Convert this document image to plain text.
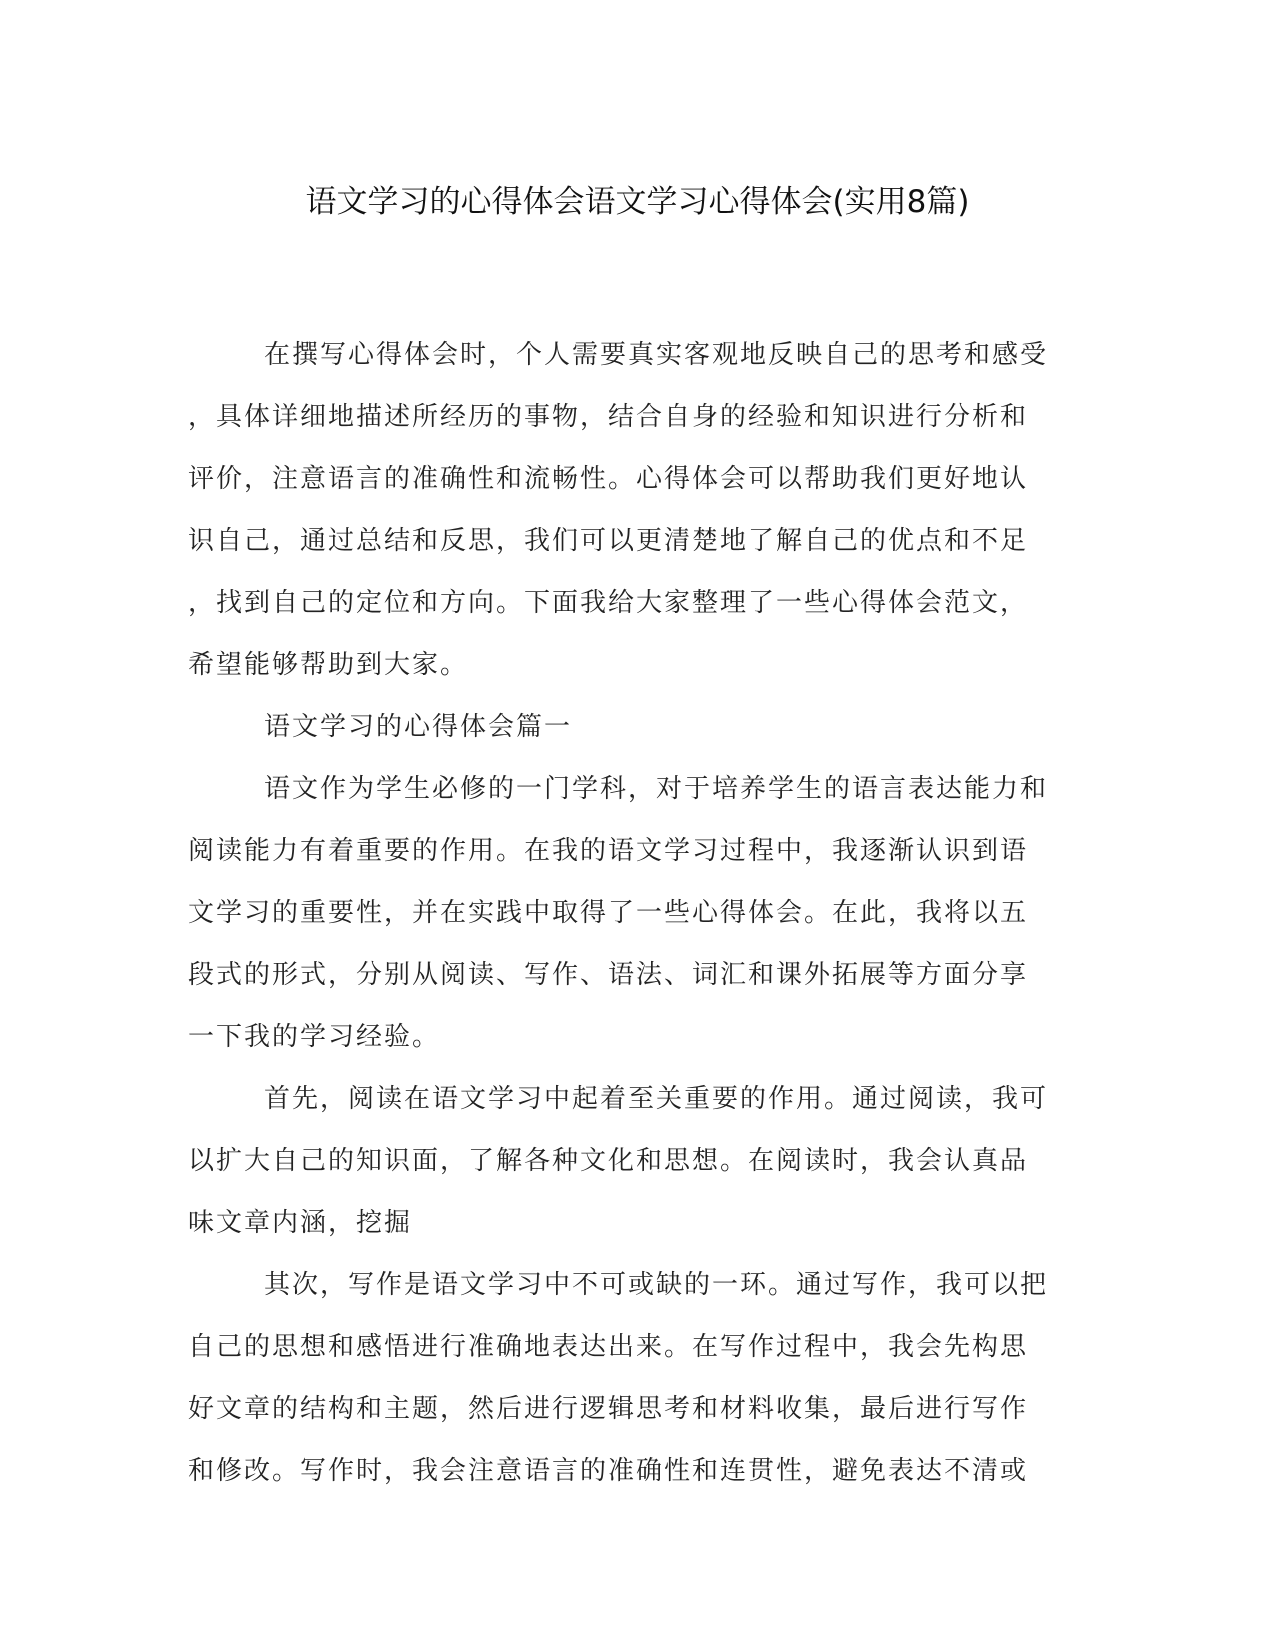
语文学习的心得体会语文学习心得体会(实用8篇)
在撰写心得体会时，个人需要真实客观地反映自己的思考和感受
，具体详细地描述所经历的事物，结合自身的经验和知识进行分析和
评价，注意语言的准确性和流畅性。心得体会可以帮助我们更好地认
识自己，通过总结和反思，我们可以更清楚地了解自己的优点和不足
，找到自己的定位和方向。下面我给大家整理了一些心得体会范文，
希望能够帮助到大家。
语文学习的心得体会篇一
语文作为学生必修的一门学科，对于培养学生的语言表达能力和
阅读能力有着重要的作用。在我的语文学习过程中，我逐渐认识到语
文学习的重要性，并在实践中取得了一些心得体会。在此，我将以五
段式的形式，分别从阅读、写作、语法、词汇和课外拓展等方面分享
一下我的学习经验。
首先，阅读在语文学习中起着至关重要的作用。通过阅读，我可
以扩大自己的知识面，了解各种文化和思想。在阅读时，我会认真品
味文章内涵，挖掘
其次，写作是语文学习中不可或缺的一环。通过写作，我可以把
自己的思想和感悟进行准确地表达出来。在写作过程中，我会先构思
好文章的结构和主题，然后进行逻辑思考和材料收集，最后进行写作
和修改。写作时，我会注意语言的准确性和连贯性，避免表达不清或
